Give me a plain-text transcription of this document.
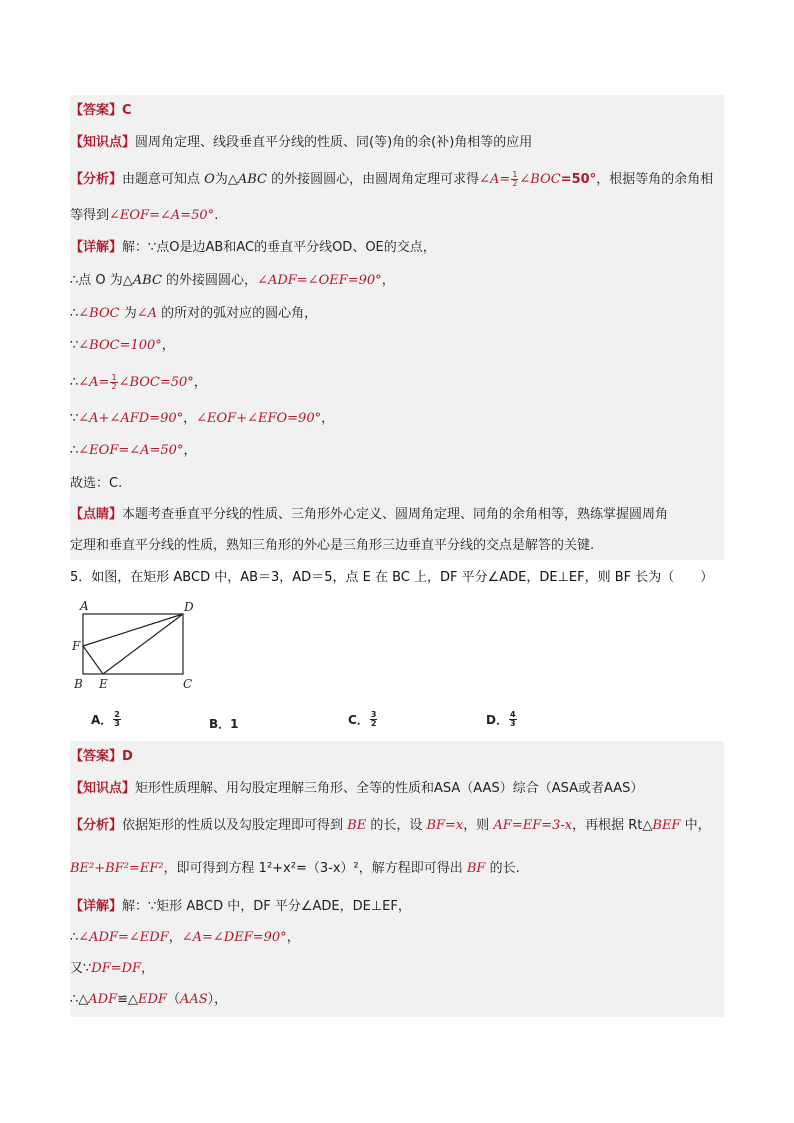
【答案】C
【知识点】圆周角定理、线段垂直平分线的性质、同(等)角的余(补)角相等的应用
【分析】由题意可知点 O为△ABC 的外接圆圆心，由圆周角定理可求得∠A= $\frac{1}{2}$ ∠BOC=50°，根据等角的余角相
等得到∠EOF=∠A=50°.
【详解】解：∵点O是边AB和AC的垂直平分线OD、OE的交点，
∴点 O 为△ABC 的外接圆圆心，∠ADF=∠OEF=90°，
∴∠BOC 为∠A 的所对的弧对应的圆心角，
∵∠BOC=100°，
∴∠A= $\frac{1}{2}$ ∠BOC=50°，
∵∠A+∠AFD=90°，∠EOF+∠EFO=90°，
∴∠EOF=∠A=50°，
故选：C.
【点睛】本题考查垂直平分线的性质、三角形外心定义、圆周角定理、同角的余角相等，熟练掌握圆周角
定理和垂直平分线的性质，熟知三角形的外心是三角形三边垂直平分线的交点是解答的关键.
5．如图，在矩形 ABCD 中，AB＝3，AD＝5，点 E 在 BC 上，DF 平分∠ADE，DE⊥EF，则 BF 长为（　　）
A	D
F
B E	C
A． $\frac{2}{3}$	B．1	C． $\frac{3}{2}$	D． $\frac{4}{3}$
【答案】D
【知识点】矩形性质理解、用勾股定理解三角形、全等的性质和ASA（AAS）综合（ASA或者AAS）
【分析】依据矩形的性质以及勾股定理即可得到 BE 的长，设 BF=x，则 AF=EF=3-x，再根据 Rt△BEF 中，
BE²+BF²=EF²，即可得到方程 1²+x²=（3-x）²，解方程即可得出 BF 的长.
【详解】解：∵矩形 ABCD 中，DF 平分∠ADE，DE⊥EF，
∴∠ADF=∠EDF，∠A=∠DEF=90°，
又∵DF=DF，
∴△ADF≌△EDF（AAS），
